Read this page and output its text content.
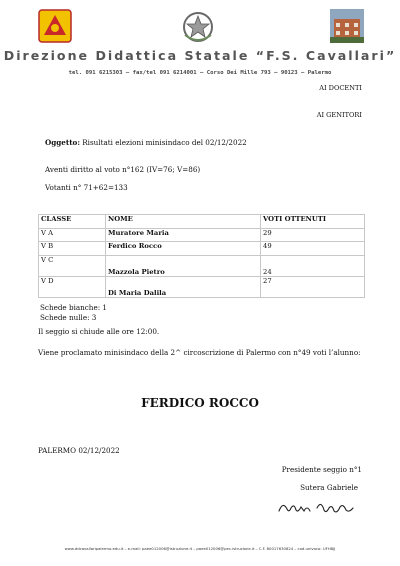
Direzione Didattica Statale “F.S. Cavallari”
tel. 091 6215303 – fax/tel 091 6214001 – Corso Dei Mille 793 – 90123 – Palermo
AI DOCENTI
AI GENITORI
Oggetto: Risultati elezioni minisindaco del 02/12/2022
Aventi diritto al voto n°162 (IV=76; V=86)
Votanti n° 71+62=133
CLASSE	NOME	VOTI OTTENUTI
V A	Muratore Maria	29
V B	Ferdico Rocco	49
V C	Mazzola Pietro	24
V D	Di Maria Dalila	27
Schede bianche: 1
Schede nulle: 3
Il seggio si chiude alle ore 12:00.
Viene proclamato minisindaco della 2^ circoscrizione di Palermo con n°49 voti l’alunno:
FERDICO ROCCO
PALERMO 02/12/2022
Presidente seggio n°1
Sutera Gabriele
www.ddcavallaripalermo.edu.it – e-mail: paee012006@istruzione.it – paee012006@pec.istruzione.it – C.F. 80017630824 – cod.univoco: UFH8JJ
